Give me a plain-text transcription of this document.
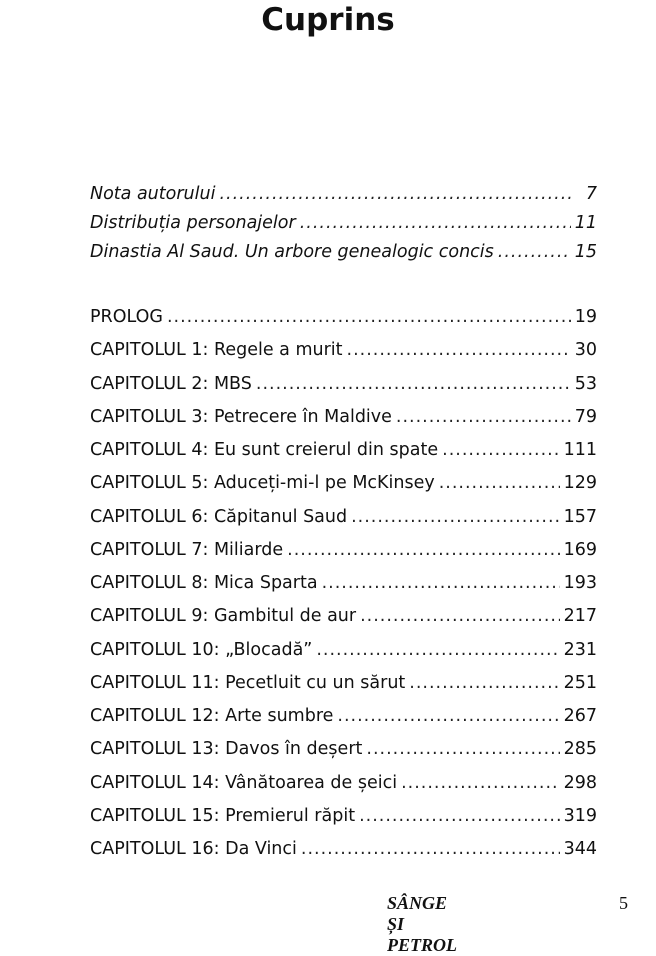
Cuprins
Nota autorului .....	7
Distribuția personajelor .....	11
Dinastia Al Saud. Un arbore genealogic concis .....	15
PROLOG .....	19
CAPITOLUL 1: Regele a murit .....	30
CAPITOLUL 2: MBS .....	53
CAPITOLUL 3: Petrecere în Maldive .....	79
CAPITOLUL 4: Eu sunt creierul din spate .....	111
CAPITOLUL 5: Aduceți-mi-l pe McKinsey .....	129
CAPITOLUL 6: Căpitanul Saud .....	157
CAPITOLUL 7: Miliarde .....	169
CAPITOLUL 8: Mica Sparta .....	193
CAPITOLUL 9: Gambitul de aur .....	217
CAPITOLUL 10: „Blocadă” .....	231
CAPITOLUL 11: Pecetluit cu un sărut .....	251
CAPITOLUL 12: Arte sumbre .....	267
CAPITOLUL 13: Davos în deșert .....	285
CAPITOLUL 14: Vânătoarea de șeici .....	298
CAPITOLUL 15: Premierul răpit .....	319
CAPITOLUL 16: Da Vinci .....	344
SÂNGE ȘI PETROL
5
